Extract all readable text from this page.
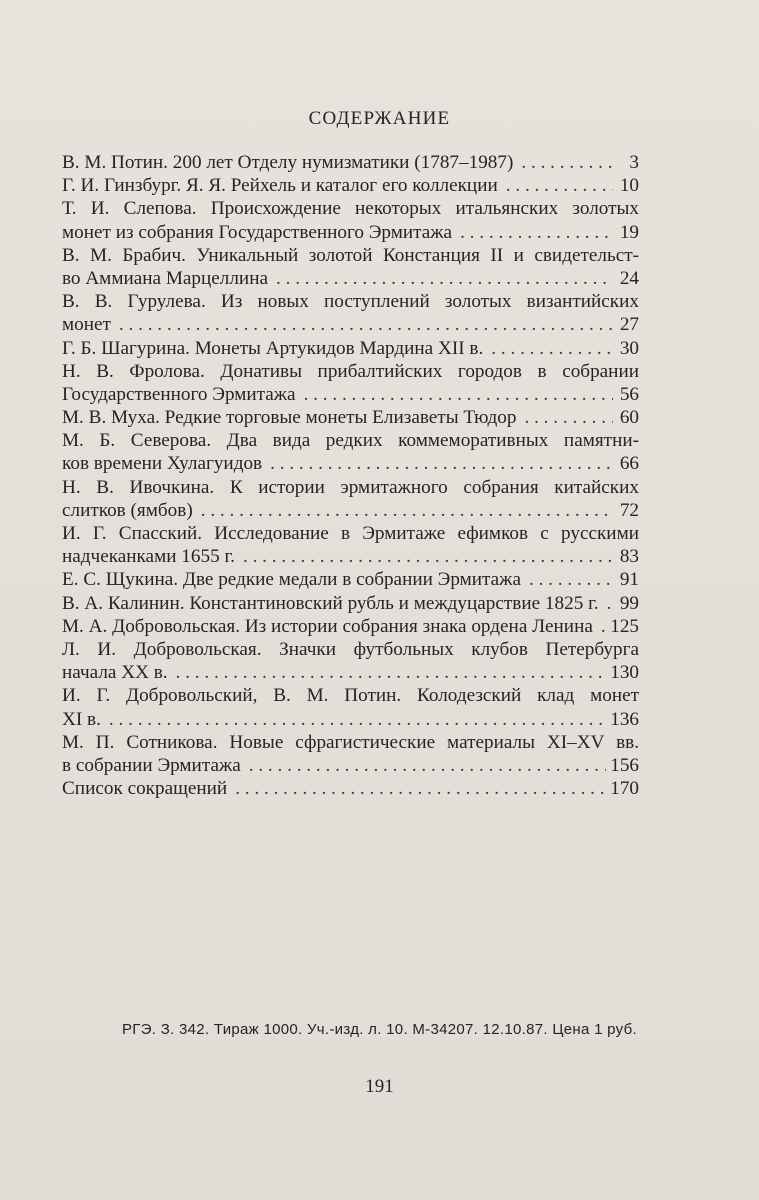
СОДЕРЖАНИЕ
В. М. Потин. 200 лет Отделу нумизматики (1787–1987) . . .	3
Г. И. Гинзбург. Я. Я. Рейхель и каталог его коллекции . . .	10
Т. И. Слепова. Происхождение некоторых итальянских золотых
монет из собрания Государственного Эрмитажа . . .	19
В. М. Брабич. Уникальный золотой Констанция II и свидетельст-
во Аммиана Марцеллина . . .	24
В. В. Гурулева. Из новых поступлений золотых византийских
монет . . .	27
Г. Б. Шагурина. Монеты Артукидов Мардина XII в. . . .	30
Н. В. Фролова. Донативы прибалтийских городов в собрании
Государственного Эрмитажа . . .	56
М. В. Муха. Редкие торговые монеты Елизаветы Тюдор . . .	60
М. Б. Северова. Два вида редких коммеморативных памятни-
ков времени Хулагуидов . . .	66
Н. В. Ивочкина. К истории эрмитажного собрания китайских
слитков (ямбов) . . .	72
И. Г. Спасский. Исследование в Эрмитаже ефимков с русскими
надчеканками 1655 г. . . .	83
Е. С. Щукина. Две редкие медали в собрании Эрмитажа . . .	91
В. А. Калинин. Константиновский рубль и междуцарствие 1825 г. . . . 99
М. А. Добровольская. Из истории собрания знака ордена Ленина . . . 125
Л. И. Добровольская. Значки футбольных клубов Петербурга
начала XX в. . . .	130
И. Г. Добровольский, В. М. Потин. Колодезский клад монет
XI в. . . .	136
М. П. Сотникова. Новые сфрагистические материалы XI–XV вв.
в собрании Эрмитажа . . .	156
Список сокращений . . .	170
РГЭ. З. 342. Тираж 1000. Уч.-изд. л. 10. М-34207. 12.10.87. Цена 1 руб.
191
